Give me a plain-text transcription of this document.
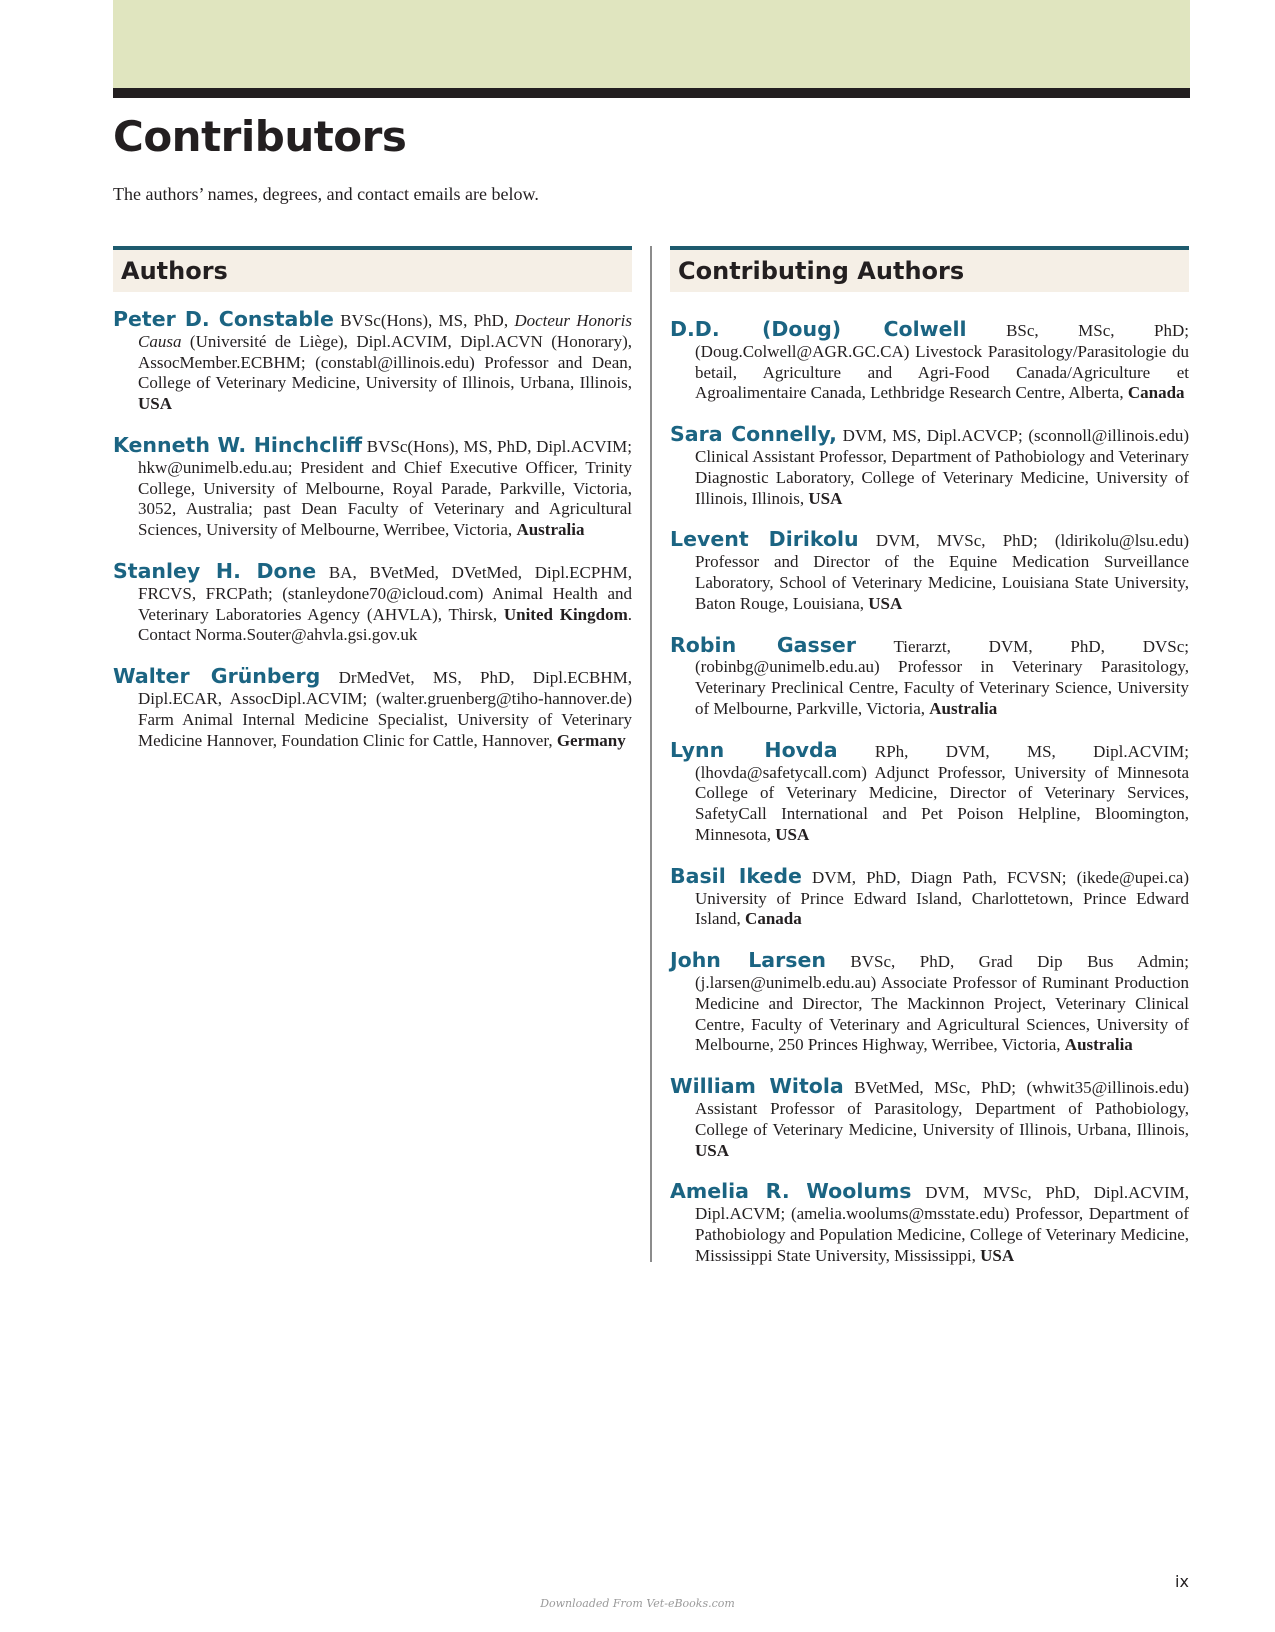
Contributors

The authors’ names, degrees, and contact emails are below.

Authors

Peter D. Constable BVSc(Hons), MS, PhD, Docteur Honoris Causa (Université de Liège), Dipl.ACVIM, Dipl.ACVN (Honorary), AssocMember.ECBHM; (constabl@illinois.edu) Professor and Dean, College of Veterinary Medicine, University of Illinois, Urbana, Illinois, USA

Kenneth W. Hinchcliff BVSc(Hons), MS, PhD, Dipl.ACVIM; hkw@unimelb.edu.au; President and Chief Executive Officer, Trinity College, University of Melbourne, Royal Parade, Parkville, Victoria, 3052, Australia; past Dean Faculty of Veterinary and Agricultural Sciences, University of Melbourne, Werribee, Victoria, Australia

Stanley H. Done BA, BVetMed, DVetMed, Dipl.ECPHM, FRCVS, FRCPath; (stanleydone70@icloud.com) Animal Health and Veterinary Laboratories Agency (AHVLA), Thirsk, United Kingdom. Contact Norma.Souter@ahvla.gsi.gov.uk

Walter Grünberg DrMedVet, MS, PhD, Dipl.ECBHM, Dipl.ECAR, AssocDipl.ACVIM; (walter.gruenberg@tiho-hannover.de) Farm Animal Internal Medicine Specialist, University of Veterinary Medicine Hannover, Foundation Clinic for Cattle, Hannover, Germany

Contributing Authors

D.D. (Doug) Colwell BSc, MSc, PhD; (Doug.Colwell@AGR.GC.CA) Livestock Parasitology/Parasitologie du betail, Agriculture and Agri-Food Canada/Agriculture et Agroalimentaire Canada, Lethbridge Research Centre, Alberta, Canada

Sara Connelly, DVM, MS, Dipl.ACVCP; (sconnoll@illinois.edu) Clinical Assistant Professor, Department of Pathobiology and Veterinary Diagnostic Laboratory, College of Veterinary Medicine, University of Illinois, Illinois, USA

Levent Dirikolu DVM, MVSc, PhD; (ldirikolu@lsu.edu) Professor and Director of the Equine Medication Surveillance Laboratory, School of Veterinary Medicine, Louisiana State University, Baton Rouge, Louisiana, USA

Robin Gasser Tierarzt, DVM, PhD, DVSc; (robinbg@unimelb.edu.au) Professor in Veterinary Parasitology, Veterinary Preclinical Centre, Faculty of Veterinary Science, University of Melbourne, Parkville, Victoria, Australia

Lynn Hovda RPh, DVM, MS, Dipl.ACVIM; (lhovda@safetycall.com) Adjunct Professor, University of Minnesota College of Veterinary Medicine, Director of Veterinary Services, SafetyCall International and Pet Poison Helpline, Bloomington, Minnesota, USA

Basil Ikede DVM, PhD, Diagn Path, FCVSN; (ikede@upei.ca) University of Prince Edward Island, Charlottetown, Prince Edward Island, Canada

John Larsen BVSc, PhD, Grad Dip Bus Admin; (j.larsen@unimelb.edu.au) Associate Professor of Ruminant Production Medicine and Director, The Mackinnon Project, Veterinary Clinical Centre, Faculty of Veterinary and Agricultural Sciences, University of Melbourne, 250 Princes Highway, Werribee, Victoria, Australia

William Witola BVetMed, MSc, PhD; (whwit35@illinois.edu) Assistant Professor of Parasitology, Department of Pathobiology, College of Veterinary Medicine, University of Illinois, Urbana, Illinois, USA

Amelia R. Woolums DVM, MVSc, PhD, Dipl.ACVIM, Dipl.ACVM; (amelia.woolums@msstate.edu) Professor, Department of Pathobiology and Population Medicine, College of Veterinary Medicine, Mississippi State University, Mississippi, USA

ix
Downloaded From Vet-eBooks.com
